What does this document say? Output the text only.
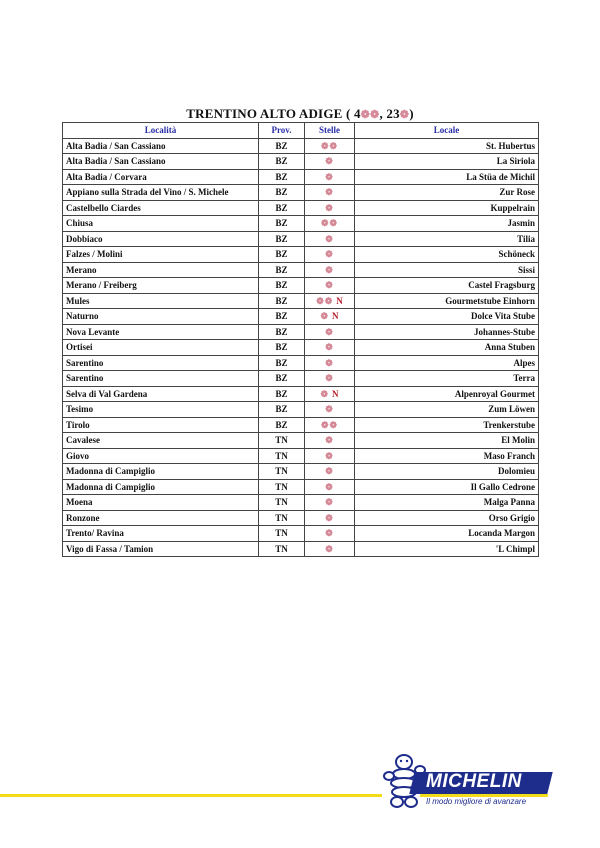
TRENTINO ALTO ADIGE ( 4❁❁, 23❁)
Località	Prov.	Stelle	Locale
Alta Badia / San Cassiano	BZ	❁❁	St. Hubertus
Alta Badia / San Cassiano	BZ	❁	La Siriola
Alta Badia / Corvara	BZ	❁	La Stüa de Michil
Appiano sulla Strada del Vino / S. Michele	BZ	❁	Zur Rose
Castelbello Ciardes	BZ	❁	Kuppelrain
Chiusa	BZ	❁❁	Jasmin
Dobbiaco	BZ	❁	Tilia
Falzes / Molini	BZ	❁	Schöneck
Merano	BZ	❁	Sissi
Merano / Freiberg	BZ	❁	Castel Fragsburg
Mules	BZ	❁❁ N	Gourmetstube Einhorn
Naturno	BZ	❁ N	Dolce Vita Stube
Nova Levante	BZ	❁	Johannes-Stube
Ortisei	BZ	❁	Anna Stuben
Sarentino	BZ	❁	Alpes
Sarentino	BZ	❁	Terra
Selva di Val Gardena	BZ	❁ N	Alpenroyal Gourmet
Tesimo	BZ	❁	Zum Löwen
Tirolo	BZ	❁❁	Trenkerstube
Cavalese	TN	❁	El Molin
Giovo	TN	❁	Maso Franch
Madonna di Campiglio	TN	❁	Dolomieu
Madonna di Campiglio	TN	❁	Il Gallo Cedrone
Moena	TN	❁	Malga Panna
Ronzone	TN	❁	Orso Grigio
Trento/ Ravina	TN	❁	Locanda Margon
Vigo di Fassa / Tamion	TN	❁	'L Chimpl
MICHELIN
Il modo migliore di avanzare
